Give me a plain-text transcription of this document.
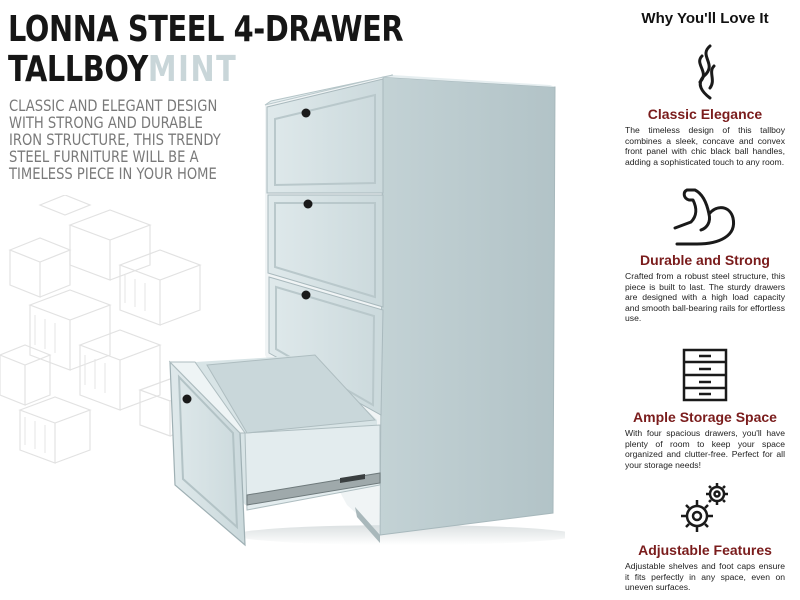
LONNA STEEL 4-DRAWER
TALLBOYMINT

CLASSIC AND ELEGANT DESIGN WITH STRONG AND DURABLE IRON STRUCTURE, THIS TRENDY STEEL FURNITURE WILL BE A TIMELESS PIECE IN YOUR HOME

Why You'll Love It
Classic Elegance

The timeless design of this tallboy combines a sleek, concave and convex front panel with chic black ball handles, adding a sophisticated touch to any room.

Durable and Strong

Crafted from a robust steel structure, this piece is built to last. The sturdy drawers are designed with a high load capacity and smooth ball-bearing rails for effortless use.

Ample Storage Space

With four spacious drawers, you'll have plenty of room to keep your space organized and clutter-free. Perfect for all your storage needs!

Adjustable Features

Adjustable shelves and foot caps ensure it fits perfectly in any space, even on uneven surfaces.
